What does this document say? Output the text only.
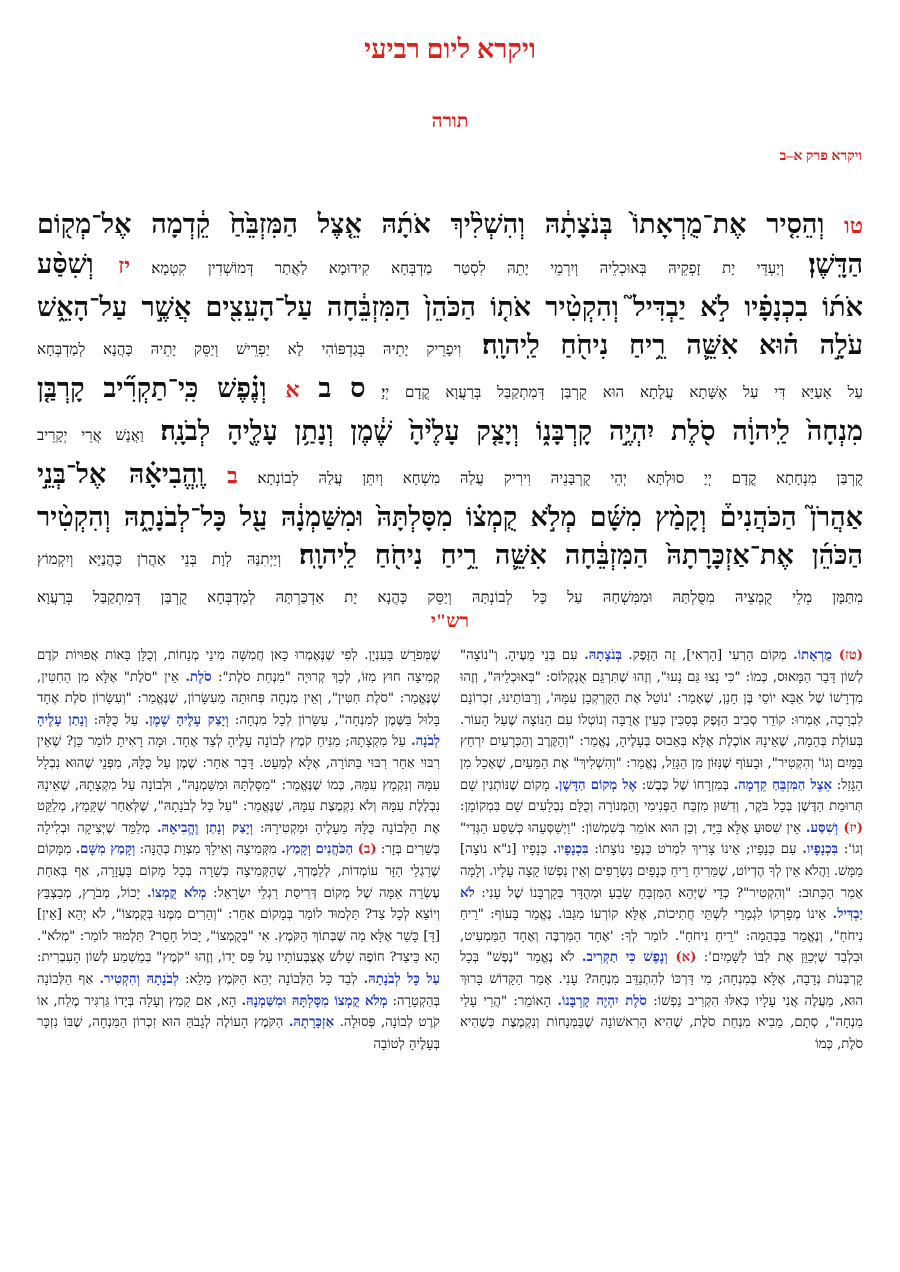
ויקרא ליום רביעי
תורה
ויקרא פרק א–ב
טו וְהֵסִ֤יר אֶת־מֻרְאָתוֹ֙ בְּנֹצָתָ֔הּ וְהִשְׁלִ֨יךְ אֹתָ֜הּ אֵ֤צֶל הַמִּזְבֵּ֙חַ֙ קֵ֔דְמָה אֶל־מְק֖וֹם
הַדָּֽשֶׁן׃ וְיַעְדֵּי יָת זָפְקֵיהּ בְּאוּכְלֵיהּ וְיִרְמֵי יָתֵהּ לִסְטַר מַדְבְּחָא קִידוּמָא לַאֲתַר דְּמוֹשְׁדִין קִטְמָא׃ יז וְשִׁסַּ֨ע
אֹת֜וֹ בִכְנָפָ֗יו לֹ֣א יַבְדִּיל֮ וְהִקְטִ֨יר אֹת֤וֹ הַכֹּהֵן֙ הַמִּזְבֵּ֔חָה עַל־הָעֵצִ֖ים אֲשֶׁ֣ר עַל־הָאֵ֑שׁ
עֹלָ֣ה ה֗וּא אִשֵּׁ֛ה רֵ֥יחַ נִיחֹ֖חַ לַֽיהוָֽה׃ וִיפָרֵיק יָתֵיהּ בְּגַדְפּוֹהִי לָא יַפְרֵישׁ וְיַסֵּק יָתֵיהּ כָּהֲנָא לְמַדְבְּחָא
עַל אָעַיָּא דִּי עַל אֶשָּׁתָא עֲלָתָא הוּא קֻרְבַּן דְּמִתְקַבַּל בְּרַעֲוָא קֳדָם יְיָ׃ ס ב א וְנֶ֗פֶשׁ כִּֽי־תַקְרִ֞יב קָרְבַּ֤ן
מִנְחָה֙ לַֽיהוָ֔ה סֹ֖לֶת יִהְיֶ֣ה קָרְבָּנ֑וֹ וְיָצַ֤ק עָלֶ֙יהָ֙ שֶׁ֔מֶן וְנָתַ֥ן עָלֶ֖יהָ לְבֹנָֽה׃ וַאֲנָשׁ אֲרֵי יְקָרֵיב
קֻרְבַּן מִנְחָתָא קֳדָם יְיָ סוּלְתָּא יְהֵי קֻרְבָּנֵיהּ וִירִיק עֲלַהּ מִשְׁחָא וְיִתֵּן עֲלַהּ לְבוֹנְתָא׃ ב וֶֽהֱבִיאָ֗הּ אֶל־בְּנֵ֣י
אַהֲרֹן֮ הַכֹּהֲנִים֒ וְקָמַ֨ץ מִשָּׁ֜ם מְלֹ֣א קֻמְצ֗וֹ מִסָּלְתָּהּ֙ וּמִשַּׁמְנָ֔הּ עַ֖ל כָּל־לְבֹנָתָ֑הּ וְהִקְטִ֨יר
הַכֹּהֵ֜ן אֶת־אַזְכָּרָתָהּ֙ הַמִּזְבֵּ֔חָה אִשֵּׁ֛ה רֵ֥יחַ נִיחֹ֖חַ לַֽיהוָֽה׃ וְיַיְתִנַּהּ לְוָת בְּנֵי אַהֲרֹן כָּהֲנַיָּא וְיִקְמוֹץ
מִתַּמָּן מְלֵי קֻמְצֵיהּ מִסֻּלְתַּהּ וּמִמִּשְׁחַהּ עַל כָּל לְבוֹנְתַּהּ וְיַסֵּק כָּהֲנָא יָת אַדְכַּרְתַּהּ לְמַדְבְּחָא קֻרְבַּן דְּמִתְקַבַּל בְּרַעֲוָא
רש"י
(טז) מֻרְאָתוֹ. מְקוֹם הָרְעִי [הָרְאִי], זֶה הַזֶּפֶק. בְּנֹצָתָהּ. עִם בְּנֵי מֵעֶיהָ. וְ"נוֹצָה" לְשׁוֹן דָּבָר הַמָּאוּס, כְּמוֹ: "כִּי נָצוּ גַּם נָעוּ", וְזֶהוּ שֶׁתִּרְגֵּם אֻנְקְלוֹס: "בְּאוּכְלֵיהּ", וְזֶהוּ מִדְרָשׁוֹ שֶׁל אַבָּא יוֹסֵי בֶּן חָנָן, שֶׁאָמַר: 'נוֹטֵל אֶת הַקֻּרְקְבָן עִמָּהּ', וְרַבּוֹתֵינוּ, זִכְרוֹנָם לִבְרָכָה, אָמְרוּ: קוֹדֵר סְבִיב הַזֶּפֶק בְּסַכִּין כְּעֵין אֲרֻבָּה וְנוֹטְלוֹ עִם הַנּוֹצָה שֶׁעַל הָעוֹר. בְּעוֹלַת בְּהֵמָה, שֶׁאֵינָהּ אוֹכֶלֶת אֶלָּא בְּאֵבוּס בְּעָלֶיהָ, נֶאֱמַר: "וְהַקֶּרֶב וְהַכְּרָעַיִם יִרְחַץ בַּמַּיִם וְגוֹ' וְהִקְטִיר", וּבָעוֹף שֶׁנִּזּוֹן מִן הַגָּזֵל, נֶאֱמַר: "וְהִשְׁלִיךְ" אֶת הַמֵּעַיִם, שֶׁאָכַל מִן הַגָּזֵל: אֵצֶל הַמִּזְבֵּחַ קֵדְמָה. בְּמִזְרָחוֹ שֶׁל כֶּבֶשׁ: אֶל מְקוֹם הַדָּשֶׁן. מָקוֹם שֶׁנּוֹתְנִין שָׁם תְּרוּמַת הַדֶּשֶׁן בְּכָל בֹּקֶר, וְדִשּׁוּן מִזְבַּח הַפְּנִימִי וְהַמְּנוֹרָה וְכֻלָּם נִבְלָעִים שָׁם בִּמְקוֹמָן: (יז) וְשִׁסַּע. אֵין שִׁסּוּעַ אֶלָּא בַּיָּד, וְכֵן הוּא אוֹמֵר בְּשִׁמְשׁוֹן: "וַיְשַׁסְּעֵהוּ כְּשַׁסַּע הַגְּדִי" וְגוֹ': בִּכְנָפָיו. עִם כְּנָפָיו; אֵינוֹ צָרִיךְ לִמְרֹט כַּנְפֵי נוֹצָתוֹ: בִּכְנָפָיו. כְּנָפָיו [נ"א נוֹצָה] מַמָּשׁ. וַהֲלֹא אֵין לְךָ הֶדְיוֹט, שֶׁמֵּרִיחַ רֵיחַ כְּנָפַיִם נִשְׂרָפִים וְאֵין נַפְשׁוֹ קָצָה עָלָיו. וְלָמָּה אָמַר הַכָּתוּב: "וְהִקְטִיר"? כְּדֵי שֶׁיְּהֵא הַמִּזְבֵּחַ שָׂבֵעַ וּמְהֻדָּר בְּקָרְבָּנוֹ שֶׁל עָנִי: לֹא יַבְדִּיל. אֵינוֹ מְפָרְקוֹ לִגְמָרֵי לִשְׁתֵּי חֲתִיכוֹת, אֶלָּא קוֹרְעוֹ מִגַּבּוֹ. נֶאֱמַר בָּעוֹף: "רֵיחַ נִיחֹחַ", וְנֶאֱמַר בַּבְּהֵמָה: "רֵיחַ נִיחֹחַ". לוֹמַר לְךָ: 'אֶחָד הַמַּרְבֶּה וְאֶחָד הַמַּמְעִיט, וּבִלְבַד שֶׁיְּכַוֵּן אֶת לִבּוֹ לַשָּׁמַיִם': (א) וְנֶפֶשׁ כִּי תַקְרִיב. לֹא נֶאֱמַר "נֶפֶשׁ" בְּכָל קָרְבְּנוֹת נְדָבָה, אֶלָּא בְּמִנְחָה; מִי דַּרְכּוֹ לְהִתְנַדֵּב מִנְחָה? עָנִי. אָמַר הַקָּדוֹשׁ בָּרוּךְ הוּא, מַעֲלֶה אֲנִי עָלָיו כְּאִלּוּ הִקְרִיב נַפְשׁוֹ: סֹלֶת יִהְיֶה קָרְבָּנוֹ. הָאוֹמֵר: "הֲרֵי עָלַי מִנְחָה", סְתָם, מֵבִיא מִנְחַת סֹלֶת, שֶׁהִיא הָרִאשׁוֹנָה שֶׁבַּמְּנָחוֹת וְנִקְמֶצֶת כְּשֶׁהִיא סֹלֶת, כְּמוֹ
שֶׁמְּפֹרָשׁ בָּעִנְיָן. לְפִי שֶׁנֶּאֶמְרוּ כָּאן חֲמִשָּׁה מִינֵי מְנָחוֹת, וְכֻלָּן בָּאוֹת אֲפוּיוֹת קֹדֶם קְמִיצָה חוּץ מִזּוֹ, לְכָךְ קְרוּיָה "מִנְחַת סֹלֶת": סֹלֶת. אֵין "סֹלֶת" אֶלָּא מִן הַחִטִּין, שֶׁנֶּאֱמַר: "סֹלֶת חִטִּין", וְאֵין מִנְחָה פְּחוּתָה מֵעִשָּׂרוֹן, שֶׁנֶּאֱמַר: "וְעִשָּׂרוֹן סֹלֶת אֶחָד בָּלוּל בַּשֶּׁמֶן לְמִנְחָה", עִשָּׂרוֹן לְכָל מִנְחָה: וְיָצַק עָלֶיהָ שֶׁמֶן. עַל כֻּלָּהּ: וְנָתַן עָלֶיהָ לְבֹנָה. עַל מִקְצָתָהּ; מַנִּיחַ קֹמֶץ לְבוֹנָה עָלֶיהָ לְצַד אֶחָד. וּמָה רָאִיתָ לוֹמַר כֵּן? שֶׁאֵין רִבּוּי אַחַר רִבּוּי בַּתּוֹרָה, אֶלָּא לְמַעֵט. דָּבָר אַחֵר: שֶׁמֶן עַל כֻּלָּהּ, מִפְּנֵי שֶׁהוּא נִבְלָל עִמָּהּ וְנִקְמָץ עִמָּהּ, כְּמוֹ שֶׁנֶּאֱמַר: "מִסָּלְתָּהּ וּמִשַּׁמְנָהּ", וּלְבוֹנָה עַל מִקְצָתָהּ, שֶׁאֵינָהּ נִבְלֶלֶת עִמָּהּ וְלֹא נִקְמֶצֶת עִמָּהּ, שֶׁנֶּאֱמַר: "עַל כָּל לְבֹנָתָהּ", שֶׁלְּאַחַר שֶׁקָּמַץ, מְלַקֵּט אֶת הַלְּבוֹנָה כֻּלָּהּ מֵעָלֶיהָ וּמַקְטִירָהּ: וְיָצַק וְנָתַן וֶהֱבִיאָהּ. מְלַמֵּד שֶׁיְּצִיקָה וּבְלִילָה כְּשֵׁרִים בְּזָר: (ב) הַכֹּהֲנִים וְקָמַץ. מִקְּמִיצָה וְאֵילָךְ מִצְוַת כְּהֻנָּה: וְקָמַץ מִשָּׁם. מִמָּקוֹם שֶׁרַגְלֵי הַזָּר עוֹמְדוֹת, לְלַמֶּדְךָ, שֶׁהַקְּמִיצָה כְּשֵׁרָה בְּכָל מָקוֹם בָּעֲזָרָה, אַף בְּאַחַת עֶשְׂרֵה אַמָּה שֶׁל מְקוֹם דְּרִיסַת רַגְלֵי יִשְׂרָאֵל: מְלֹא קֻמְצוֹ. יָכוֹל, מְבֹרָץ, מְבַצְבֵּץ וְיוֹצֵא לְכָל צַד? תַּלְמוּד לוֹמַר בְּמָקוֹם אַחֵר: "וְהֵרִים מִמֶּנּוּ בְּקֻמְצוֹ", לֹא יְהֵא [אֵין] [דָּ] כָּשֵׁר אֶלָּא מַה שֶּׁבְּתוֹךְ הַקֹּמֶץ. אִי "בְּקֻמְצוֹ", יָכוֹל חָסֵר? תַּלְמוּד לוֹמַר: "מְלֹא". הָא כֵּיצַד? חוֹפֶה שָׁלֹשׁ אֶצְבְּעוֹתָיו עַל פַּס יָדוֹ, וְזֶהוּ "קֹמֶץ" בְּמַשְׁמַע לְשׁוֹן הָעִבְרִית: עַל כָּל לְבֹנָתָהּ. לְבַד כָּל הַלְּבוֹנָה יְהֵא הַקֹּמֶץ מָלֵא: לְבֹנָתָהּ וְהִקְטִיר. אַף הַלְּבוֹנָה בְּהַקְטָרָה: מְלֹא קֻמְצוֹ מִסָּלְתָּהּ וּמִשַּׁמְנָהּ. הָא, אִם קָמַץ וְעָלָה בְּיָדוֹ גַּרְגִּיר מֶלַח, אוֹ קֹרֶט לְבוֹנָה, פְּסוּלָה. אַזְכָּרָתָהּ. הַקֹּמֶץ הָעוֹלֶה לְגָבֹהַּ הוּא זִכְרוֹן הַמִּנְחָה, שֶׁבּוֹ נִזְכָּר בְּעָלֶיהָ לְטוֹבָה
